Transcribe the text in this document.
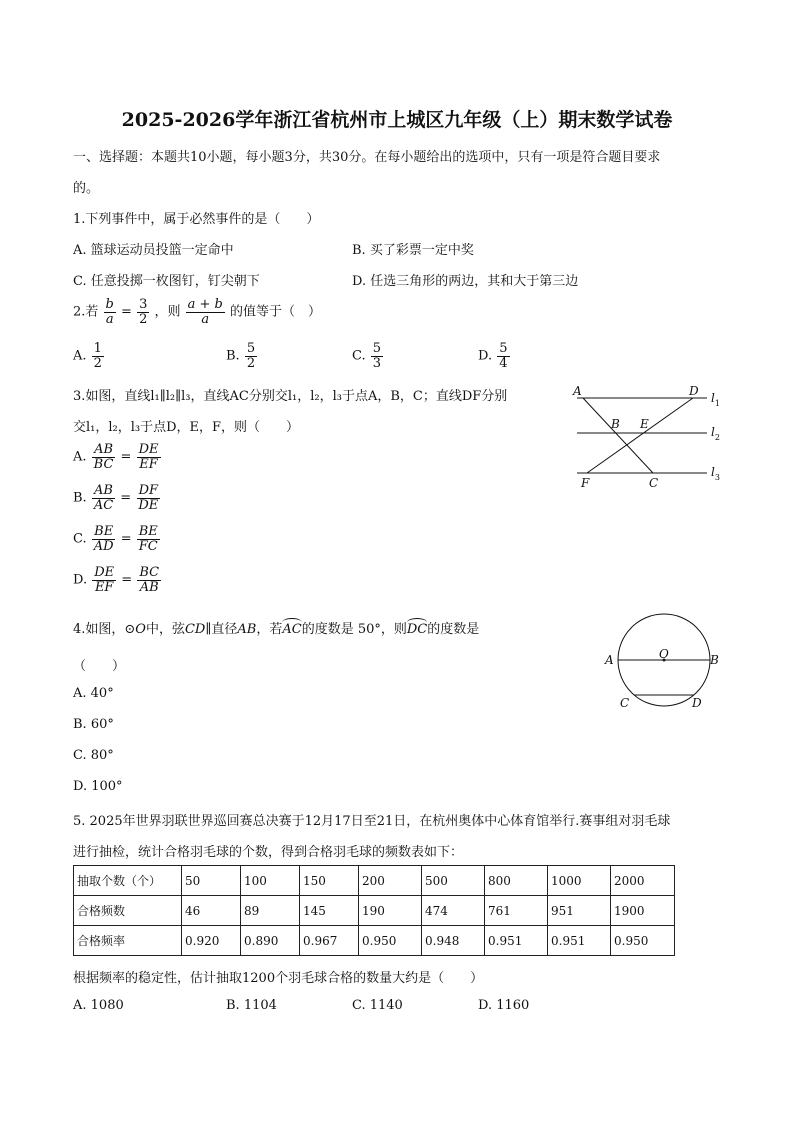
2025-2026学年浙江省杭州市上城区九年级（上）期末数学试卷
一、选择题：本题共10小题，每小题3分，共30分。在每小题给出的选项中，只有一项是符合题目要求
的。
1.下列事件中，属于必然事件的是（　　）
A. 篮球运动员投篮一定命中	B. 买了彩票一定中奖
C. 任意投掷一枚图钉，钉尖朝下	D. 任选三角形的两边，其和大于第三边
2.若 $\frac{b}{a} = \frac{3}{2}$ ，则 $\frac{a + b}{a}$ 的值等于（　）
A. $\frac{1}{2}$	B. $\frac{5}{2}$	C. $\frac{5}{3}$	D. $\frac{5}{4}$
3.如图，直线l₁∥l₂∥l₃，直线AC分别交l₁，l₂，l₃于点A，B，C；直线DF分别
交l₁，l₂，l₃于点D，E，F，则（　　）
A. $\frac{AB}{BC} = \frac{DE}{EF}$
B. $\frac{AB}{AC} = \frac{DF}{DE}$
C. $\frac{BE}{AD} = \frac{BE}{FC}$
D. $\frac{DE}{EF} = \frac{BC}{AB}$
A	D
B E
F	C
$l_1$
$l_2$
$l_3$
4.如图，⊙O中，弦CD∥直径AB，若AC的度数是 50°，则DC的度数是
（　　）
A. 40°
B. 60°
C. 80°
D. 100°
A	B
O
C	D
5. 2025年世界羽联世界巡回赛总决赛于12月17日至21日，在杭州奥体中心体育馆举行.赛事组对羽毛球
进行抽检，统计合格羽毛球的个数，得到合格羽毛球的频数表如下：
抽取个数（个）	50	100	150	200	500	800	1000	2000
合格频数	46	89	145	190	474	761	951	1900
合格频率	0.920	0.890	0.967	0.950	0.948	0.951	0.951	0.950
根据频率的稳定性，估计抽取1200个羽毛球合格的数量大约是（　　）
A. 1080	B. 1104	C. 1140	D. 1160
